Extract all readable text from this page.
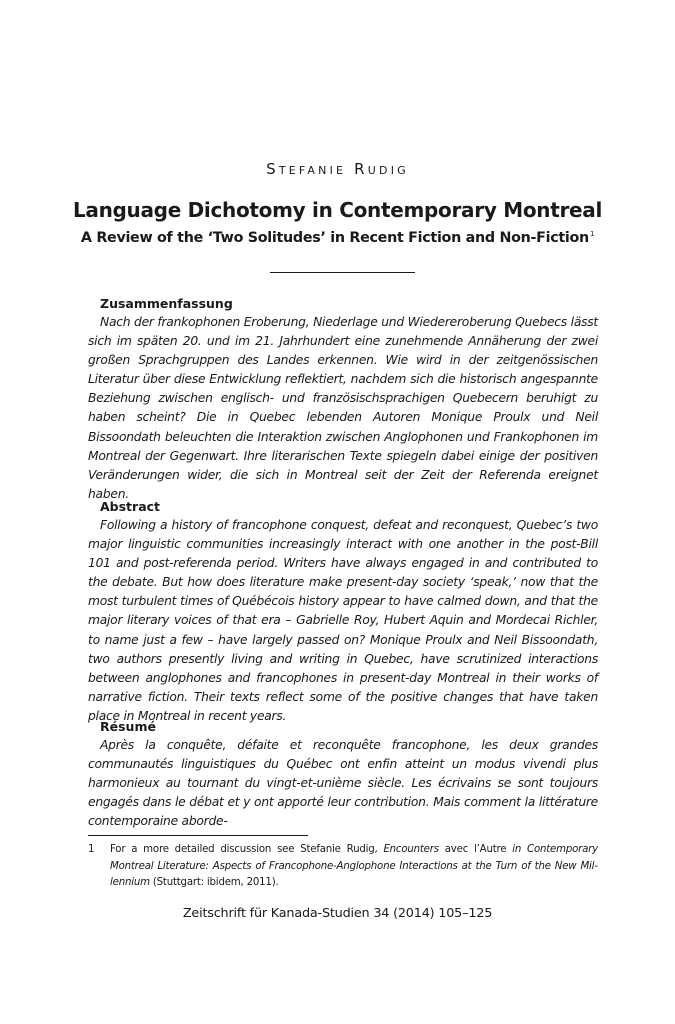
Stefanie Rudig
Language Dichotomy in Contemporary Montreal
A Review of the ‘Two Solitudes’ in Recent Fiction and Non-Fiction$^1$
Zusammenfassung

Nach der frankophonen Eroberung, Niederlage und Wiedereroberung Quebecs lässt sich im späten 20. und im 21. Jahrhundert eine zunehmende Annäherung der zwei großen Sprachgruppen des Landes erkennen. Wie wird in der zeitgenössischen Literatur über diese Entwicklung reflektiert, nachdem sich die historisch angespannte Beziehung zwischen englisch- und französischsprachigen Quebecern beruhigt zu haben scheint? Die in Quebec lebenden Autoren Monique Proulx und Neil Bissoondath beleuchten die Interaktion zwischen Anglophonen und Frankophonen im Montreal der Gegenwart. Ihre literarischen Texte spiegeln dabei einige der positiven Veränderungen wider, die sich in Montreal seit der Zeit der Referenda ereignet haben.

Abstract

Following a history of francophone conquest, defeat and reconquest, Quebec’s two major linguistic communities increasingly interact with one another in the post-Bill 101 and post-referenda period. Writers have always engaged in and contributed to the debate. But how does literature make present-day society ‘speak,’ now that the most turbulent times of Québécois history appear to have calmed down, and that the major literary voices of that era – Gabrielle Roy, Hubert Aquin and Mordecai Richler, to name just a few – have largely passed on? Monique Proulx and Neil Bissoondath, two authors presently living and writing in Quebec, have scrutinized interactions between anglophones and francophones in present-day Montreal in their works of narrative fiction. Their texts reflect some of the positive changes that have taken place in Montreal in recent years.

Résumé

Après la conquête, défaite et reconquête francophone, les deux grandes communautés linguistiques du Québec ont enfin atteint un modus vivendi plus harmonieux au tournant du vingt-et-unième siècle. Les écrivains se sont toujours engagés dans le débat et y ont apporté leur contribution. Mais comment la littérature contemporaine aborde-

1 For a more detailed discussion see Stefanie Rudig, Encounters avec l’Autre in Contemporary Montreal Literature: Aspects of Francophone-Anglophone Interactions at the Turn of the New Millennium (Stuttgart: ibidem, 2011).
Zeitschrift für Kanada-Studien 34 (2014) 105–125
